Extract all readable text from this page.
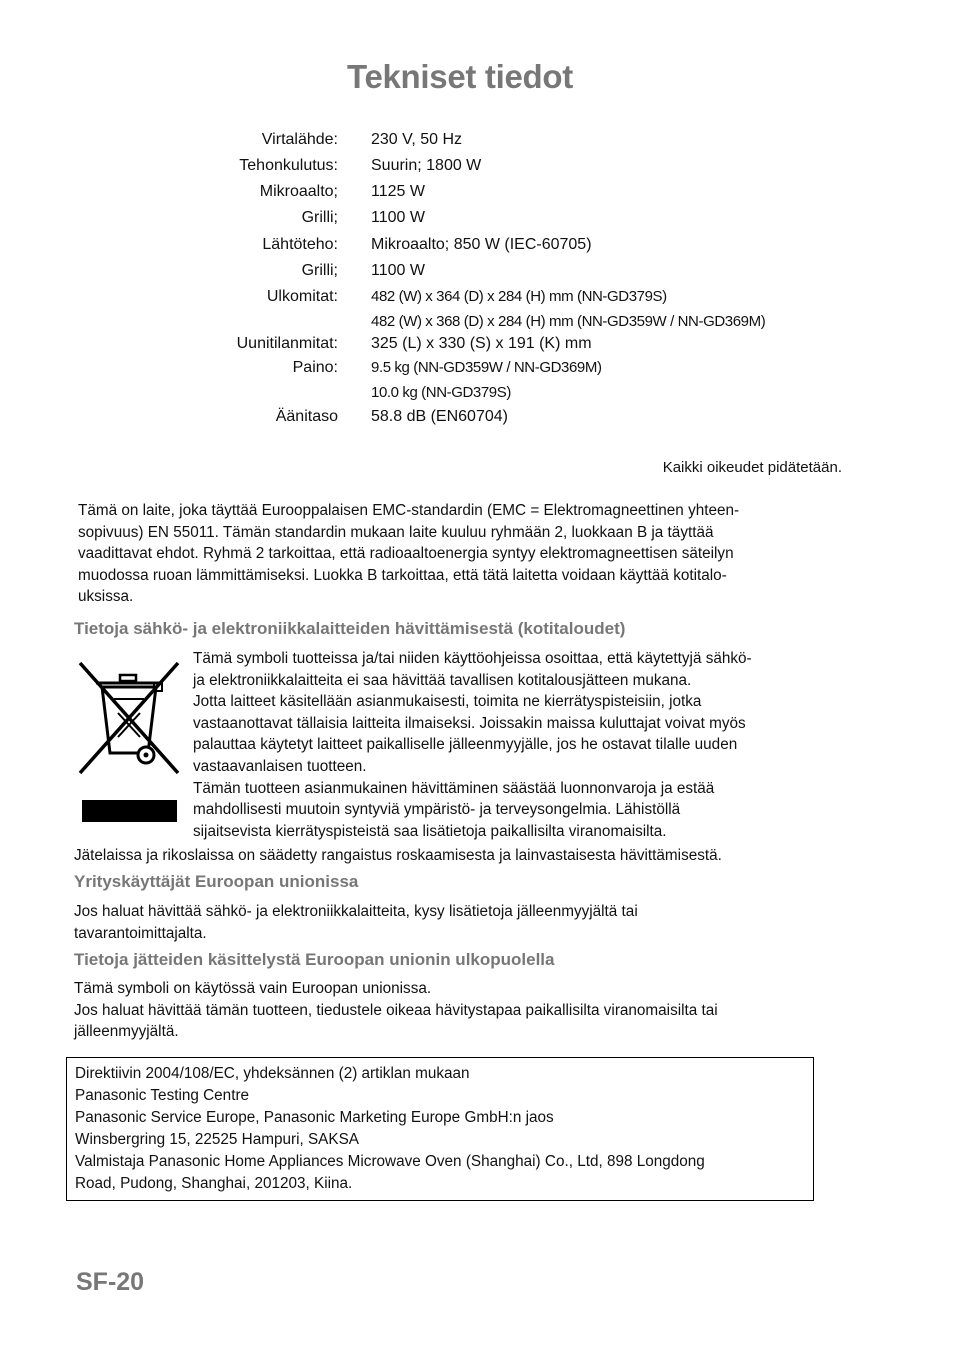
Tekniset tiedot
Virtalähde: 230 V, 50 Hz
Tehonkulutus: Suurin; 1800 W
Mikroaalto; 1125 W
Grilli; 1100 W
Lähtöteho: Mikroaalto; 850 W (IEC-60705)
Grilli; 1100 W
Ulkomitat: 482 (W) x 364 (D) x 284 (H) mm (NN-GD379S)
482 (W) x 368 (D) x 284 (H) mm (NN-GD359W / NN-GD369M)
Uunitilanmitat: 325 (L) x 330 (S) x 191 (K) mm
Paino: 9.5 kg (NN-GD359W / NN-GD369M)
10.0 kg (NN-GD379S)
Äänitaso 58.8 dB (EN60704)
Kaikki oikeudet pidätetään.
Tämä on laite, joka täyttää Eurooppalaisen EMC-standardin (EMC = Elektromagneettinen yhteen-
sopivuus) EN 55011. Tämän standardin mukaan laite kuuluu ryhmään 2, luokkaan B ja täyttää
vaadittavat ehdot. Ryhmä 2 tarkoittaa, että radioaaltoenergia syntyy elektromagneettisen säteilyn
muodossa ruoan lämmittämiseksi. Luokka B tarkoittaa, että tätä laitetta voidaan käyttää kotitalo-
uksissa.
Tietoja sähkö- ja elektroniikkalaitteiden hävittämisestä (kotitaloudet)
Tämä symboli tuotteissa ja/tai niiden käyttöohjeissa osoittaa, että käytettyjä sähkö-
ja elektroniikkalaitteita ei saa hävittää tavallisen kotitalousjätteen mukana.
Jotta laitteet käsitellään asianmukaisesti, toimita ne kierrätyspisteisiin, jotka
vastaanottavat tällaisia laitteita ilmaiseksi. Joissakin maissa kuluttajat voivat myös
palauttaa käytetyt laitteet paikalliselle jälleenmyyjälle, jos he ostavat tilalle uuden
vastaavanlaisen tuotteen.
Tämän tuotteen asianmukainen hävittäminen säästää luonnonvaroja ja estää
mahdollisesti muutoin syntyviä ympäristö- ja terveysongelmia. Lähistöllä
sijaitsevista kierrätyspisteistä saa lisätietoja paikallisilta viranomaisilta.
Jätelaissa ja rikoslaissa on säädetty rangaistus roskaamisesta ja lainvastaisesta hävittämisestä.
Yrityskäyttäjät Euroopan unionissa
Jos haluat hävittää sähkö- ja elektroniikkalaitteita, kysy lisätietoja jälleenmyyjältä tai
tavarantoimittajalta.
Tietoja jätteiden käsittelystä Euroopan unionin ulkopuolella
Tämä symboli on käytössä vain Euroopan unionissa.
Jos haluat hävittää tämän tuotteen, tiedustele oikeaa hävitystapaa paikallisilta viranomaisilta tai
jälleenmyyjältä.
Direktiivin 2004/108/EC, yhdeksännen (2) artiklan mukaan
Panasonic Testing Centre
Panasonic Service Europe, Panasonic Marketing Europe GmbH:n jaos
Winsbergring 15, 22525 Hampuri, SAKSA
Valmistaja Panasonic Home Appliances Microwave Oven (Shanghai) Co., Ltd, 898 Longdong
Road, Pudong, Shanghai, 201203, Kiina.
SF-20
